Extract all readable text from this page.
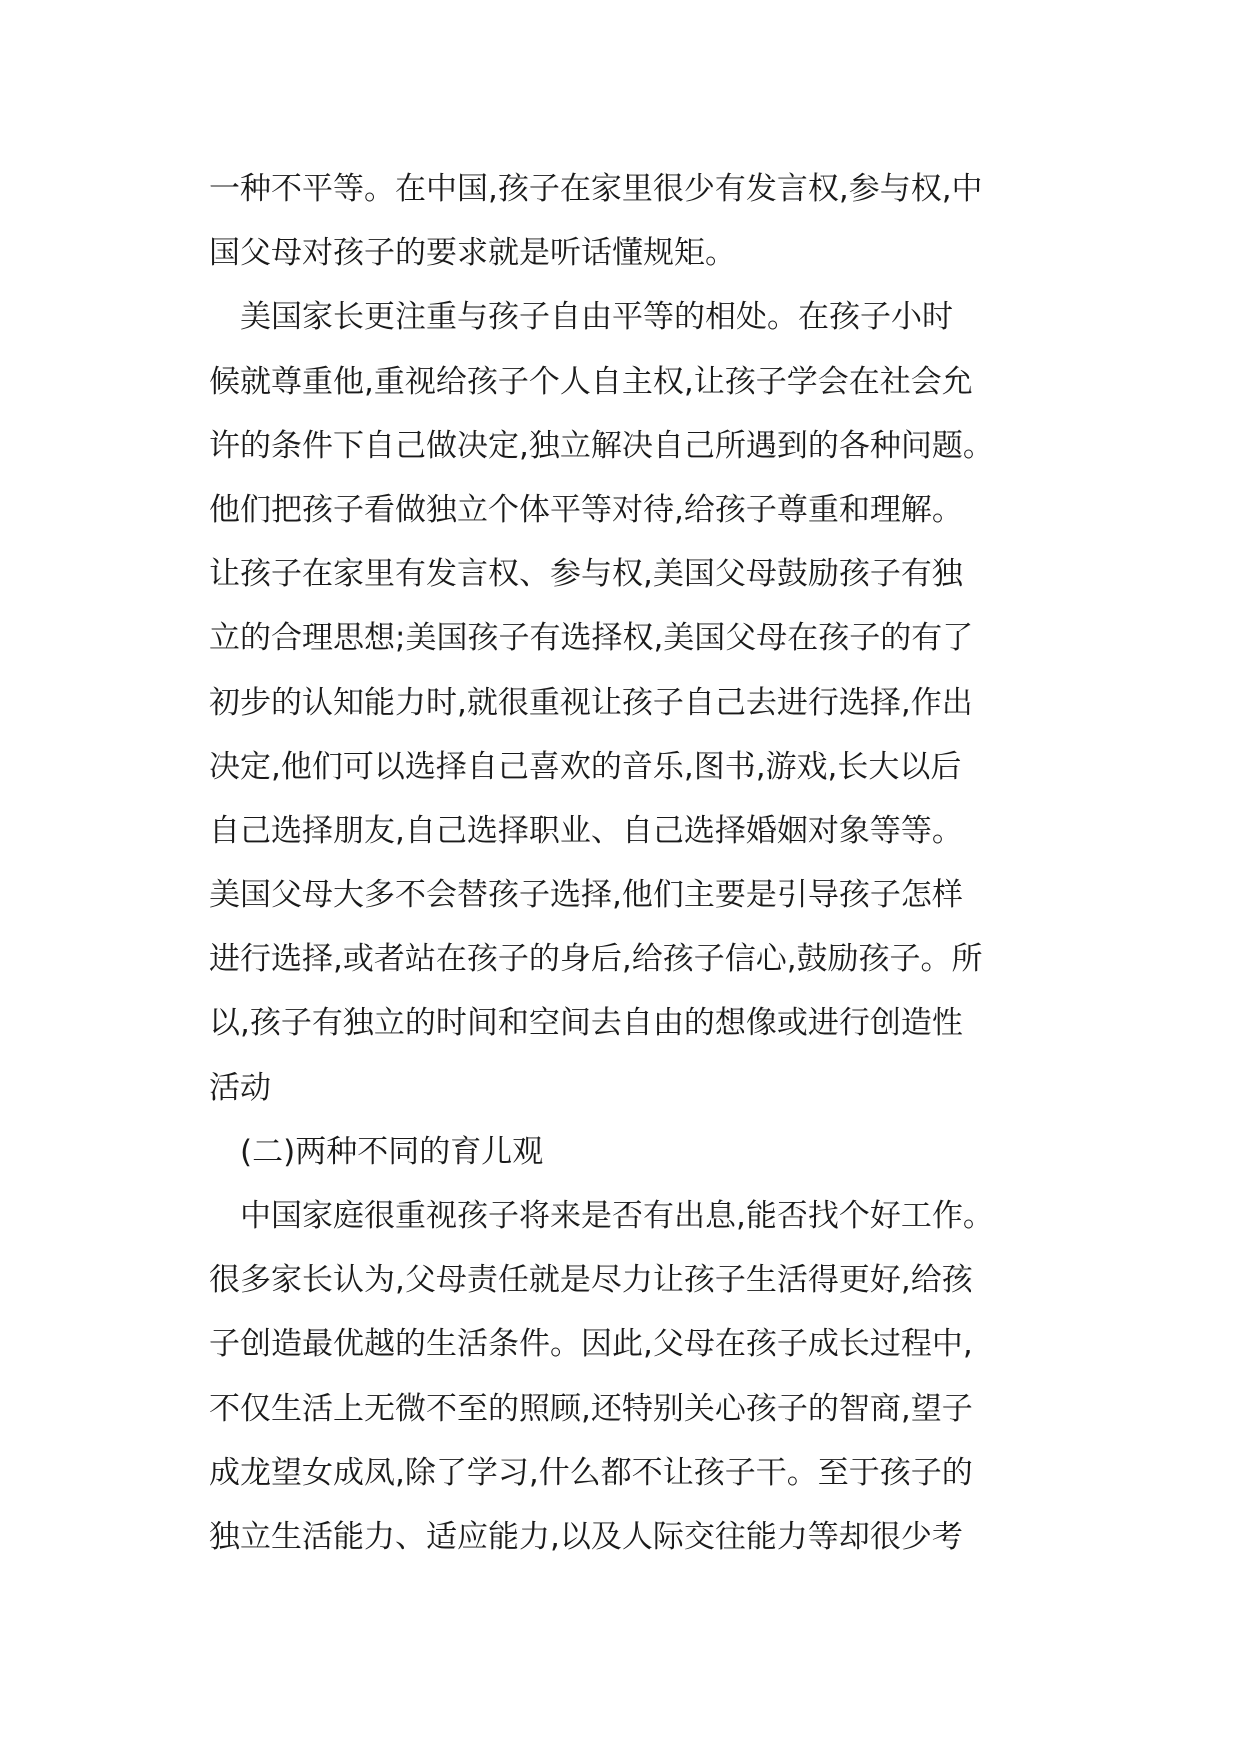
一种不平等。在中国,孩子在家里很少有发言权,参与权,中
国父母对孩子的要求就是听话懂规矩。
　美国家长更注重与孩子自由平等的相处。在孩子小时
候就尊重他,重视给孩子个人自主权,让孩子学会在社会允
许的条件下自己做决定,独立解决自己所遇到的各种问题。
他们把孩子看做独立个体平等对待,给孩子尊重和理解。
让孩子在家里有发言权、参与权,美国父母鼓励孩子有独
立的合理思想;美国孩子有选择权,美国父母在孩子的有了
初步的认知能力时,就很重视让孩子自己去进行选择,作出
决定,他们可以选择自己喜欢的音乐,图书,游戏,长大以后
自己选择朋友,自己选择职业、自己选择婚姻对象等等。
美国父母大多不会替孩子选择,他们主要是引导孩子怎样
进行选择,或者站在孩子的身后,给孩子信心,鼓励孩子。所
以,孩子有独立的时间和空间去自由的想像或进行创造性
活动
　(二)两种不同的育儿观
　中国家庭很重视孩子将来是否有出息,能否找个好工作。
很多家长认为,父母责任就是尽力让孩子生活得更好,给孩
子创造最优越的生活条件。因此,父母在孩子成长过程中,
不仅生活上无微不至的照顾,还特别关心孩子的智商,望子
成龙望女成凤,除了学习,什么都不让孩子干。至于孩子的
独立生活能力、适应能力,以及人际交往能力等却很少考
